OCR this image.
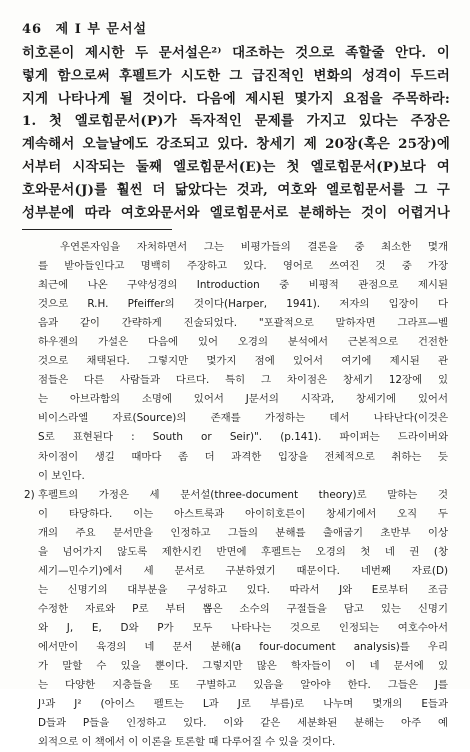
46 제 I 부 문서설
히호론이 제시한 두 문서설은²⁾ 대조하는 것으로 족할줄 안다. 이
렇게 함으로써 후펠트가 시도한 그 급진적인 변화의 성격이 두드러
지게 나타나게 될 것이다. 다음에 제시된 몇가지 요점을 주목하라:
1. 첫 엘로힘문서(P)가 독자적인 문제를 가지고 있다는 주장은
계속해서 오늘날에도 강조되고 있다. 창세기 제 20장(혹은 25장)에
서부터 시작되는 둘째 엘로힘문서(E)는 첫 엘로힘문서(P)보다 여
호와문서(J)를 훨씬 더 닮았다는 것과, 여호와 엘로힘문서를 그 구
성부분에 따라 여호와문서와 엘로힘문서로 분해하는 것이 어렵거나
우연론자임을 자처하면서 그는 비평가들의 결론을 중 최소한 몇개
를 받아들인다고 명백히 주장하고 있다. 영어로 쓰여진 것 중 가장
최근에 나온 구약성경의 Introduction 중 비평적 관점으로 제시된
것으로 R.H. Pfeiffer의 것이다(Harper, 1941). 저자의 입장이 다
음과 같이 간략하게 진술되었다. "포괄적으로 말하자면 그라프—벨
하우젠의 가설은 다음에 있어 오경의 분석에서 근본적으로 건전한
것으로 채택된다. 그렇지만 몇가지 점에 있어서 여기에 제시된 관
점들은 다른 사람들과 다르다. 특히 그 차이점은 창세기 12장에 있
는 아브라함의 소명에 있어서 J문서의 시작과, 창세기에 있어서
비이스라엘 자료(Source)의 존재를 가정하는 데서 나타난다(이것은
S로 표현된다 : South or Seir)". (p.141). 파이퍼는 드라이버와
차이점이 생길 때마다 좀 더 과격한 입장을 전체적으로 취하는 듯
이 보인다.
2) 후펠트의 가정은 세 문서설(three-document theory)로 말하는 것
이 타당하다. 이는 아스트룩과 아이히호른이 창세기에서 오직 두
개의 주요 문서만을 인정하고 그들의 분해를 출애굽기 초반부 이상
을 넘어가지 않도록 제한시킨 반면에 후펠트는 오경의 첫 네 권 (창
세기—민수기)에서 세 문서로 구분하였기 때문이다. 네번째 자료(D)
는 신명기의 대부분을 구성하고 있다. 따라서 J와 E로부터 조금
수정한 자료와 P로 부터 뽑은 소수의 구절들을 담고 있는 신명기
와 J, E, D와 P가 모두 나타나는 것으로 인정되는 여호수아서
에서만이 육경의 네 문서 분해(a four-document analysis)를 우리
가 말할 수 있을 뿐이다. 그렇지만 많은 학자들이 이 네 문서에 있
는 다양한 지층들을 또 구별하고 있음을 알아야 한다. 그들은 J를
J¹과 J² (아이스 펠트는 L과 J로 부름)로 나누며 몇개의 E들과
D들과 P들을 인정하고 있다. 이와 같은 세분화된 분해는 아주 예
외적으로 이 책에서 이 이론을 토론할 때 다루어질 수 있을 것이다.
